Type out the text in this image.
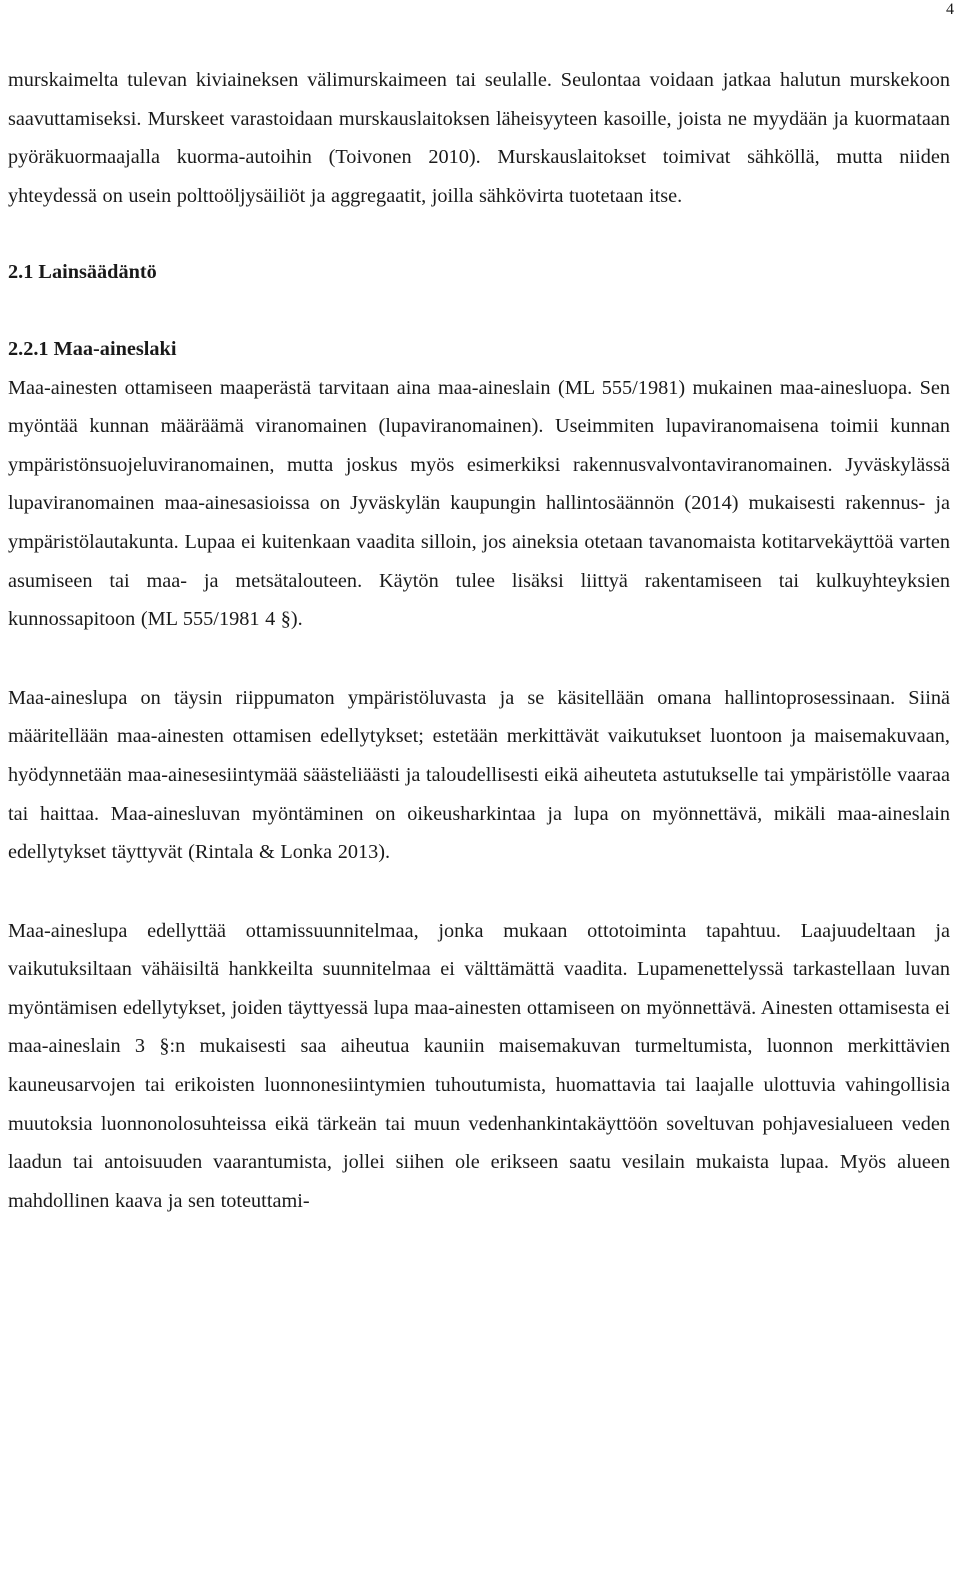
4

murskaimelta tulevan kiviaineksen välimurskaimeen tai seulalle. Seulontaa voidaan jatkaa halutun murskekoon saavuttamiseksi. Murskeet varastoidaan murskauslaitoksen läheisyyteen kasoille, joista ne myydään ja kuormataan pyöräkuormaajalla kuorma-autoihin (Toivonen 2010). Murskauslaitokset toimivat sähköllä, mutta niiden yhteydessä on usein polttoöljysäiliöt ja aggregaatit, joilla sähkövirta tuotetaan itse.

2.1 Lainsäädäntö
2.2.1 Maa-aineslaki

Maa-ainesten ottamiseen maaperästä tarvitaan aina maa-aineslain (ML 555/1981) mukainen maa-ainesluopa. Sen myöntää kunnan määräämä viranomainen (lupaviranomainen). Useimmiten lupaviranomaisena toimii kunnan ympäristönsuojeluviranomainen, mutta joskus myös esimerkiksi rakennusvalvontaviranomainen. Jyväskylässä lupaviranomainen maa-ainesasioissa on Jyväskylän kaupungin hallintosäännön (2014) mukaisesti rakennus- ja ympäristölautakunta. Lupaa ei kuitenkaan vaadita silloin, jos aineksia otetaan tavanomaista kotitarvekäyttöä varten asumiseen tai maa- ja metsätalouteen. Käytön tulee lisäksi liittyä rakentamiseen tai kulkuyhteyksien kunnossapitoon (ML 555/1981 4 §).

Maa-aineslupa on täysin riippumaton ympäristöluvasta ja se käsitellään omana hallintoprosessinaan. Siinä määritellään maa-ainesten ottamisen edellytykset; estetään merkittävät vaikutukset luontoon ja maisemakuvaan, hyödynnetään maa-ainesesiintymää säästeliäästi ja taloudellisesti eikä aiheuteta astutukselle tai ympäristölle vaaraa tai haittaa. Maa-ainesluvan myöntäminen on oikeusharkintaa ja lupa on myönnettävä, mikäli maa-aineslain edellytykset täyttyvät (Rintala & Lonka 2013).

Maa-aineslupa edellyttää ottamissuunnitelmaa, jonka mukaan ottotoiminta tapahtuu. Laajuudeltaan ja vaikutuksiltaan vähäisiltä hankkeilta suunnitelmaa ei välttämättä vaadita. Lupamenettelyssä tarkastellaan luvan myöntämisen edellytykset, joiden täyttyessä lupa maa-ainesten ottamiseen on myönnettävä. Ainesten ottamisesta ei maa-aineslain 3 §:n mukaisesti saa aiheutua kauniin maisemakuvan turmeltumista, luonnon merkittävien kauneusarvojen tai erikoisten luonnonesiintymien tuhoutumista, huomattavia tai laajalle ulottuvia vahingollisia muutoksia luonnonolosuhteissa eikä tärkeän tai muun vedenhankintakäyttöön soveltuvan pohjavesialueen veden laadun tai antoisuuden vaarantumista, jollei siihen ole erikseen saatu vesilain mukaista lupaa. Myös alueen mahdollinen kaava ja sen toteuttami-
